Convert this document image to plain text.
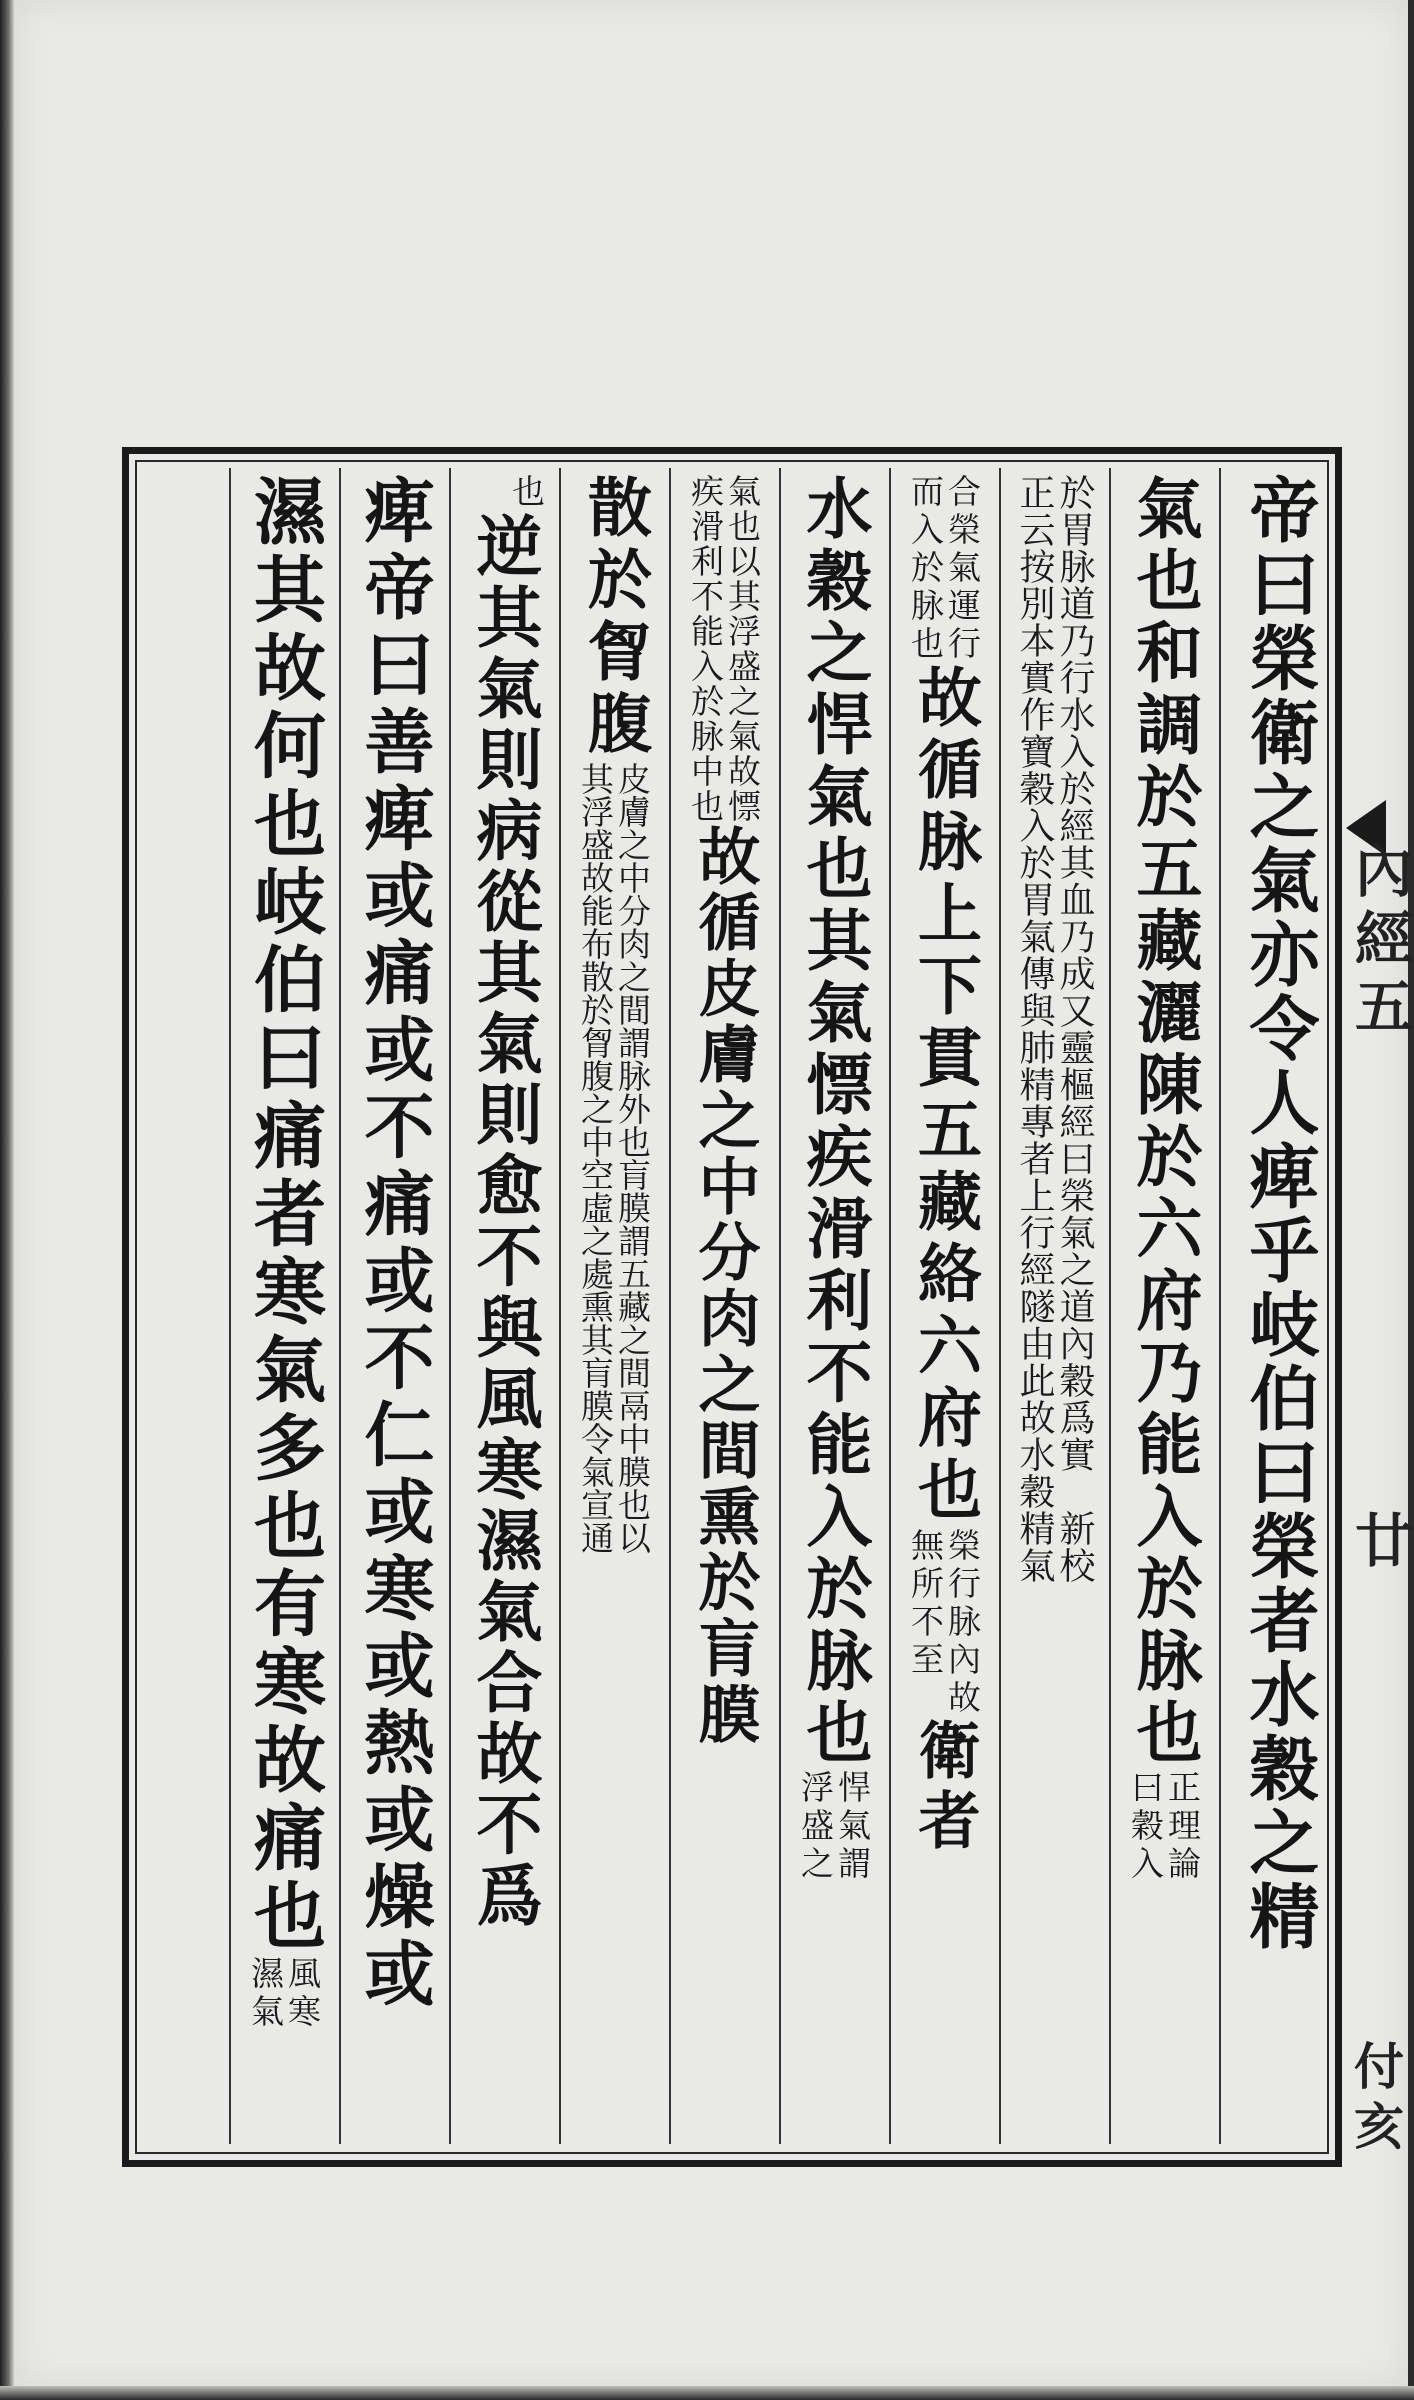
內經五
廿
付亥
帝曰榮衛之氣亦令人痺乎岐伯曰榮者水穀之精
氣也和調於五藏灑陳於六府乃能入於脉也
正理論
曰穀入
於胃脉道乃行水入於經其血乃成又靈樞經曰榮氣之道內穀爲實　新校
正云按別本實作寶穀入於胃氣傳與肺精專者上行經隧由此故水穀精氣
合榮氣運行
而入於脉也
故循脉上下貫五藏絡六府也
榮行脉內故
無所不至
衛者
水穀之悍氣也其氣慓疾滑利不能入於脉也
悍氣謂
浮盛之
氣也以其浮盛之氣故慓
疾滑利不能入於脉中也
故循皮膚之中分肉之間熏於肓膜
散於胷腹
皮膚之中分肉之間謂脉外也肓膜謂五藏之間鬲中膜也以
其浮盛故能布散於胷腹之中空虛之處熏其肓膜令氣宣通
也
逆其氣則病從其氣則愈不與風寒濕氣合故不爲
痺帝曰善痺或痛或不痛或不仁或寒或熱或燥或
濕其故何也岐伯曰痛者寒氣多也有寒故痛也
風寒
濕氣
